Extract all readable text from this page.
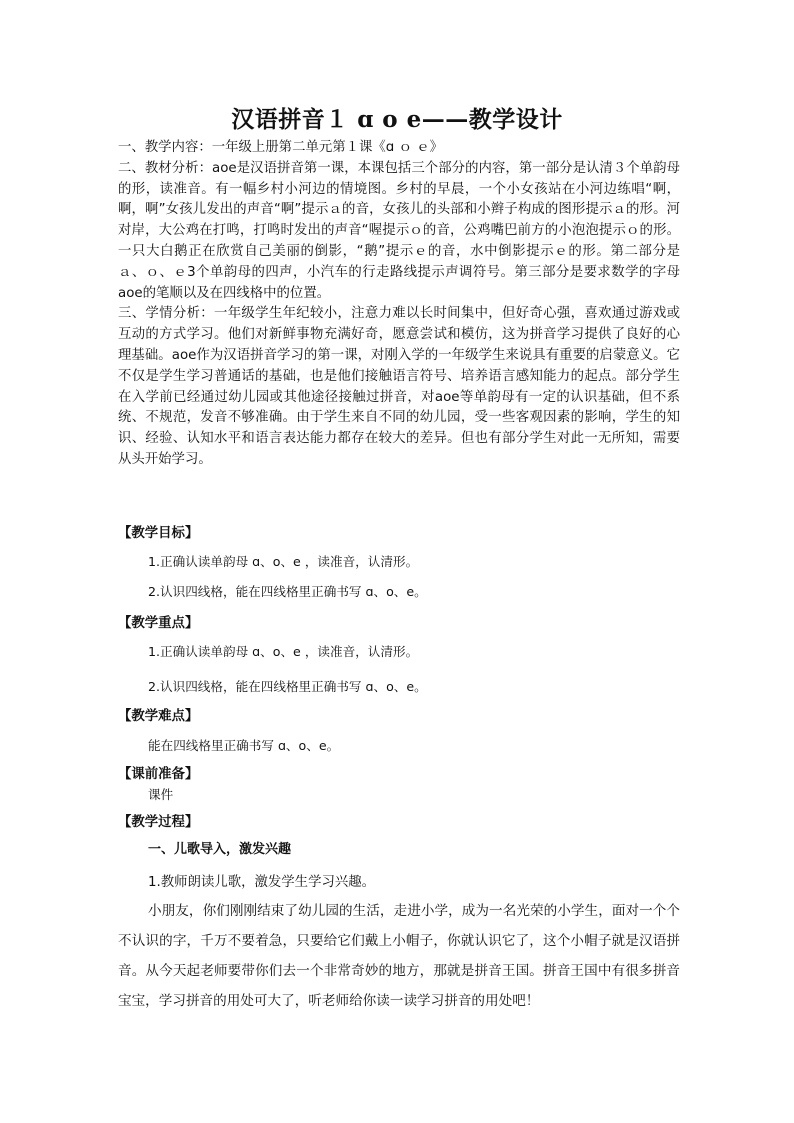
汉语拼音１ ɑ o e——教学设计

一、教学内容：一年级上册第二单元第１课《ɑ ｏ ｅ》

二、教材分析：aoe是汉语拼音第一课，本课包括三个部分的内容，第一部分是认清３个单韵母的形，读准音。有一幅乡村小河边的情境图。乡村的早晨，一个小女孩站在小河边练唱“啊，啊，啊”女孩儿发出的声音“啊”提示ａ的音，女孩儿的头部和小辫子构成的图形提示ａ的形。河对岸，大公鸡在打鸣，打鸣时发出的声音“喔提示ｏ的音，公鸡嘴巴前方的小泡泡提示ｏ的形。一只大白鹅正在欣赏自己美丽的倒影，“鹅”提示ｅ的音，水中倒影提示ｅ的形。第二部分是ａ、ｏ、ｅ3个单韵母的四声，小汽车的行走路线提示声调符号。第三部分是要求数学的字母aoe的笔顺以及在四线格中的位置。

三、学情分析：一年级学生年纪较小，注意力难以长时间集中，但好奇心强，喜欢通过游戏或互动的方式学习。他们对新鲜事物充满好奇，愿意尝试和模仿，这为拼音学习提供了良好的心理基础。aoe作为汉语拼音学习的第一课，对刚入学的一年级学生来说具有重要的启蒙意义。它不仅是学生学习普通话的基础，也是他们接触语言符号、培养语言感知能力的起点。部分学生在入学前已经通过幼儿园或其他途径接触过拼音，对aoe等单韵母有一定的认识基础，但不系统、不规范，发音不够准确。由于学生来自不同的幼儿园，受一些客观因素的影响，学生的知识、经验、认知水平和语言表达能力都存在较大的差异。但也有部分学生对此一无所知，需要从头开始学习。

【教学目标】
1.正确认读单韵母 ɑ、o、e ，读准音，认清形。
2.认识四线格，能在四线格里正确书写 ɑ、o、e。
【教学重点】
1.正确认读单韵母 ɑ、o、e ，读准音，认清形。
2.认识四线格，能在四线格里正确书写 ɑ、o、e。
【教学难点】
能在四线格里正确书写 ɑ、o、e。
【课前准备】
课件
【教学过程】
一、儿歌导入，激发兴趣
1.教师朗读儿歌，激发学生学习兴趣。

小朋友，你们刚刚结束了幼儿园的生活，走进小学，成为一名光荣的小学生，面对一个个不认识的字，千万不要着急，只要给它们戴上小帽子，你就认识它了，这个小帽子就是汉语拼音。从今天起老师要带你们去一个非常奇妙的地方，那就是拼音王国。拼音王国中有很多拼音宝宝，学习拼音的用处可大了，听老师给你读一读学习拼音的用处吧！
